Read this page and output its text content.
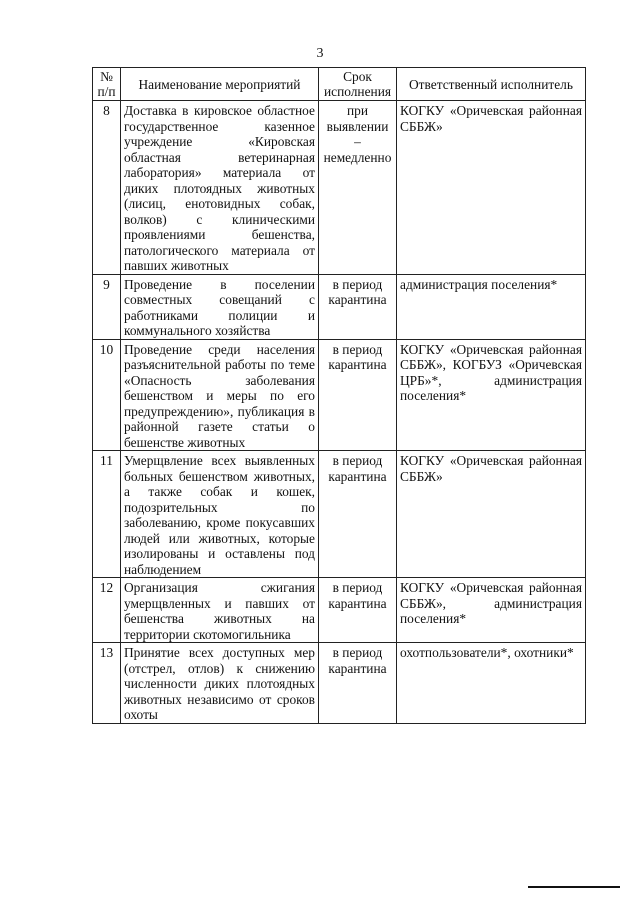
3
№ п/п	Наименование мероприятий	Срок исполнения	Ответственный исполнитель
8	Доставка в кировское областное государственное казенное учреждение «Кировская областная ветеринарная лаборатория» материала от диких плотоядных животных (лисиц, енотовидных собак, волков) с клиническими проявлениями бешенства, патологического материала от павших животных	при выявлении – немедленно	КОГКУ «Оричевская районная СББЖ»
9	Проведение в поселении совместных совещаний с работниками полиции и коммунального хозяйства	в период карантина	администрация поселения*
10	Проведение среди населения разъяснительной работы по теме «Опасность заболевания бешенством и меры по его предупреждению», публикация в районной газете статьи о бешенстве животных	в период карантина	КОГКУ «Оричевская районная СББЖ», КОГБУЗ «Оричевская ЦРБ»*, администрация поселения*
11	Умерщвление всех выявленных больных бешенством животных, а также собак и кошек, подозрительных по заболеванию, кроме покусавших людей или животных, которые изолированы и оставлены под наблюдением	в период карантина	КОГКУ «Оричевская районная СББЖ»
12	Организация сжигания умерщвленных и павших от бешенства животных на территории скотомогильника	в период карантина	КОГКУ «Оричевская районная СББЖ», администрация поселения*
13	Принятие всех доступных мер (отстрел, отлов) к снижению численности диких плотоядных животных независимо от сроков охоты	в период карантина	охотпользователи*, охотники*
